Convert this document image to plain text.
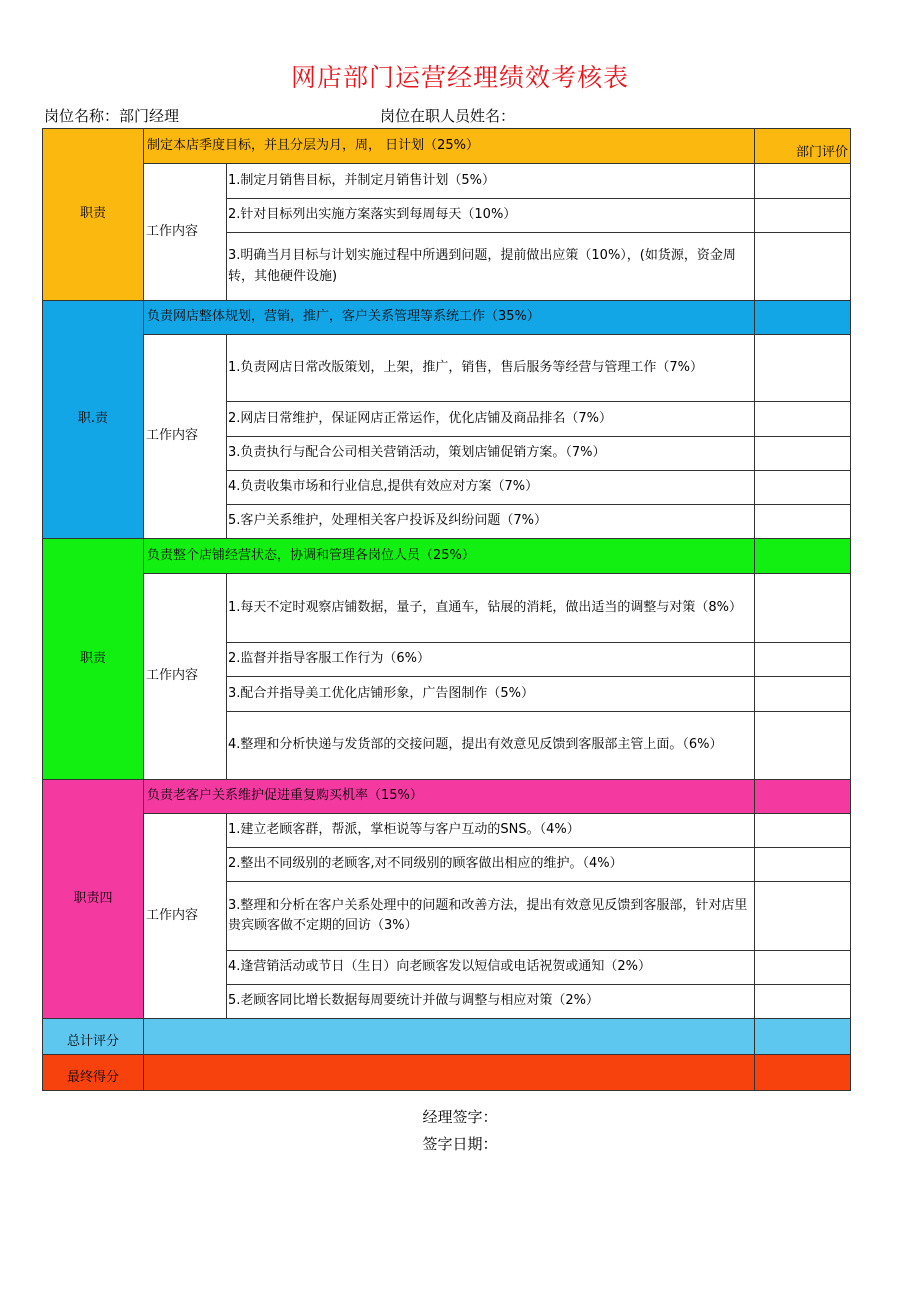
网店部门运营经理绩效考核表
岗位名称：部门经理	岗位在职人员姓名：
职责	制定本店季度目标，并且分层为月，周， 日计划（25%）		部门评价
	工作内容	1.制定月销售目标，并制定月销售计划（5%）	
		2.针对目标列出实施方案落实到每周每天（10%）	
		3.明确当月目标与计划实施过程中所遇到问题，提前做出应策（10%），(如货源，资金周转，其他硬件设施)	
职.责	负责网店整体规划，营销，推广，客户关系管理等系统工作（35%）		
	工作内容	1.负责网店日常改版策划，上架，推广，销售，售后服务等经营与管理工作（7%）	
		2.网店日常维护，保证网店正常运作，优化店铺及商品排名（7%）	
		3.负责执行与配合公司相关营销活动，策划店铺促销方案。（7%）	
		4.负责收集市场和行业信息,提供有效应对方案（7%）	
		5.客户关系维护，处理相关客户投诉及纠纷问题（7%）	
职责	负责整个店铺经营状态，协调和管理各岗位人员（25%）		
	工作内容	1.每天不定时观察店铺数据，量子，直通车，钻展的消耗，做出适当的调整与对策（8%）	
		2.监督并指导客服工作行为（6%）	
		3.配合并指导美工优化店铺形象，广告图制作（5%）	
		4.整理和分析快递与发货部的交接问题，提出有效意见反馈到客服部主管上面。（6%）	
职责四	负责老客户关系维护促进重复购买机率（15%）		
	工作内容	1.建立老顾客群，帮派，掌柜说等与客户互动的SNS。（4%）	
		2.整出不同级别的老顾客,对不同级别的顾客做出相应的维护。（4%）	
		3.整理和分析在客户关系处理中的问题和改善方法，提出有效意见反馈到客服部，针对店里贵宾顾客做不定期的回访（3%）	
		4.逢营销活动或节日（生日）向老顾客发以短信或电话祝贺或通知（2%）	
		5.老顾客同比增长数据每周要统计并做与调整与相应对策（2%）	
总计评分			
最终得分			
经理签字：
签字日期：
